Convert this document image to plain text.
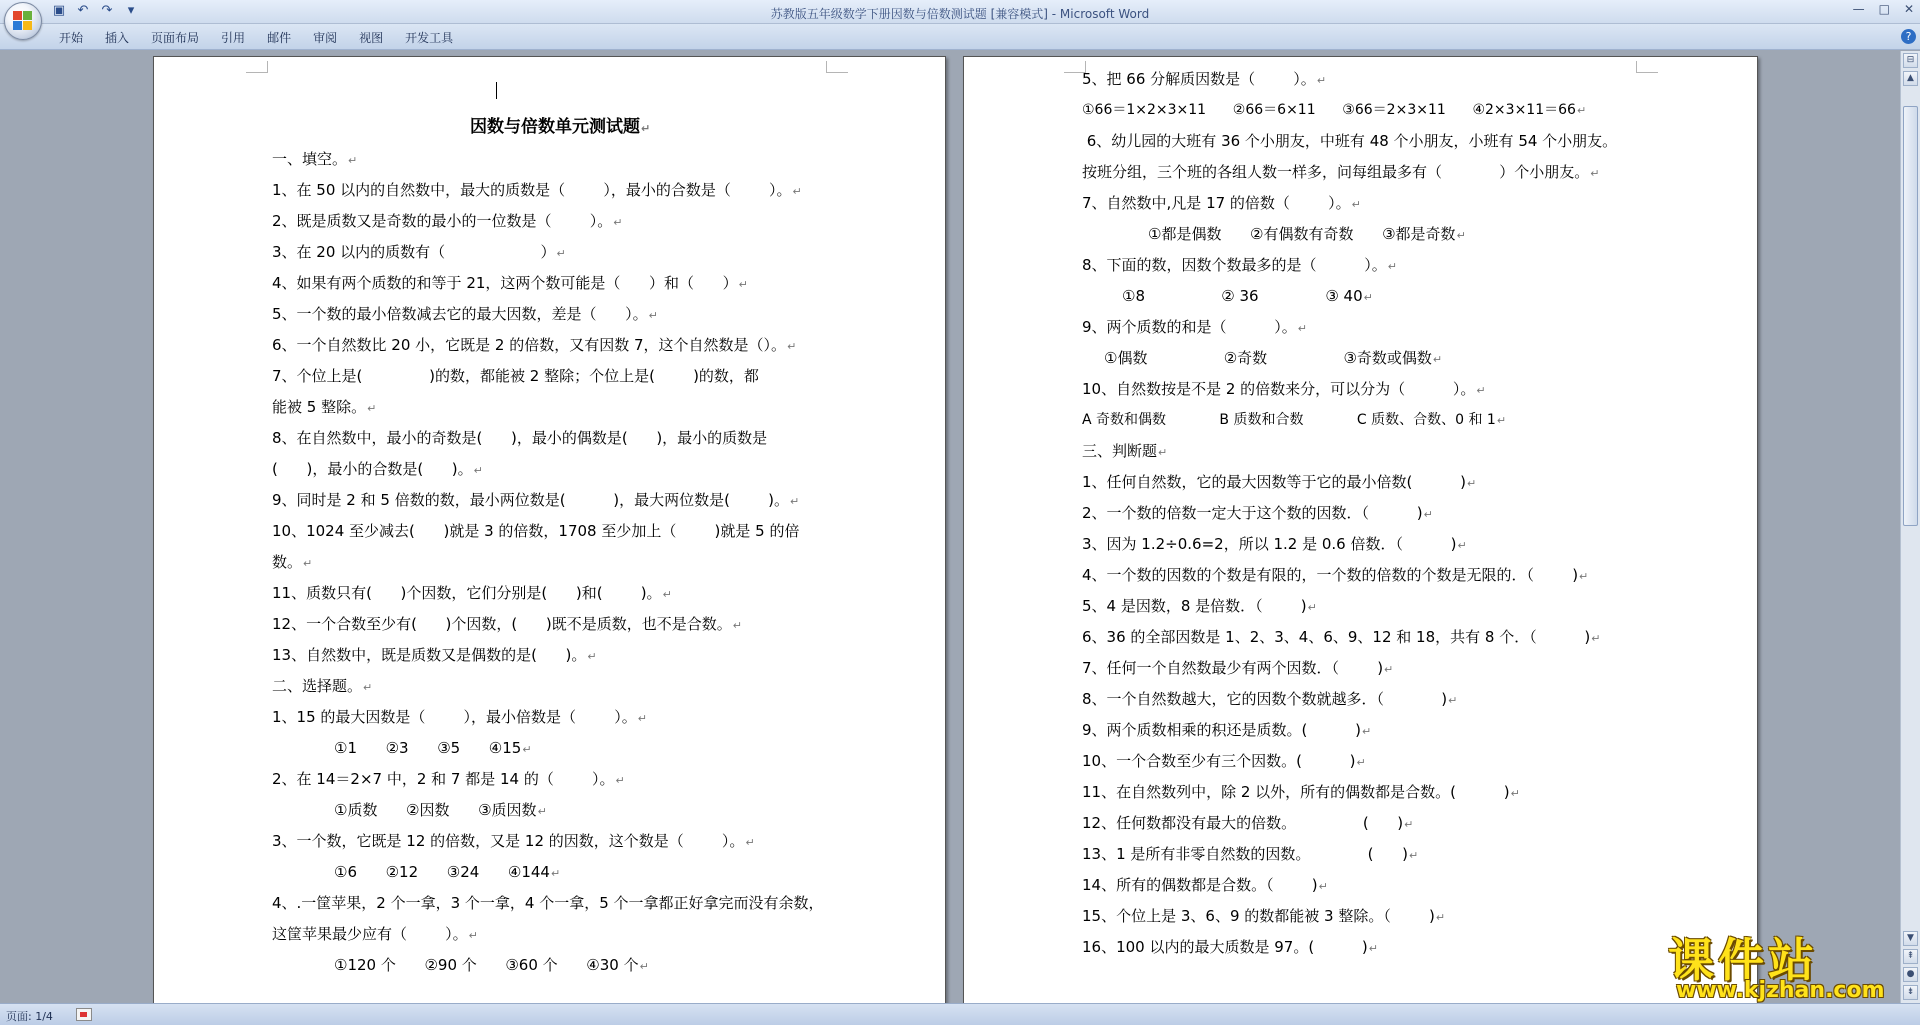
苏教版五年级数学下册因数与倍数测试题 [兼容模式] - Microsoft Word	— □ ✕
▣ ↶ ↷	▾
开始	插入	页面布局	引用	邮件	审阅	视图	开发工具	?
因数与倍数单元测试题↵
一、填空。↵
1、在 50 以内的自然数中，最大的质数是（        ），最小的合数是（        ）。↵
2、既是质数又是奇数的最小的一位数是（        ）。↵
3、在 20 以内的质数有（                    ）↵
4、如果有两个质数的和等于 21，这两个数可能是（      ）和（      ）↵
5、一个数的最小倍数减去它的最大因数，差是（      ）。↵
6、一个自然数比 20 小，它既是 2 的倍数，又有因数 7，这个自然数是（）。↵
7、个位上是(              )的数，都能被 2 整除；个位上是(        )的数，都
能被 5 整除。↵
8、在自然数中，最小的奇数是(      )，最小的偶数是(      )，最小的质数是
(      )，最小的合数是(      )。↵
9、同时是 2 和 5 倍数的数，最小两位数是(          )，最大两位数是(        )。↵
10、1024 至少减去(      )就是 3 的倍数，1708 至少加上（        )就是 5 的倍
数。↵
11、质数只有(      )个因数，它们分别是(      )和(        )。↵
12、一个合数至少有(      )个因数，(      )既不是质数，也不是合数。↵
13、自然数中，既是质数又是偶数的是(      )。↵
二、选择题。↵
1、15 的最大因数是（        ），最小倍数是（        ）。↵
①1      ②3      ③5      ④15↵
2、在 14＝2×7 中，2 和 7 都是 14 的（        ）。↵
①质数      ②因数      ③质因数↵
3、一个数，它既是 12 的倍数，又是 12 的因数，这个数是（        ）。↵
①6      ②12      ③24      ④144↵
4、.一筐苹果，2 个一拿，3 个一拿，4 个一拿，5 个一拿都正好拿完而没有余数，
这筐苹果最少应有（        ）。↵
①120 个      ②90 个      ③60 个      ④30 个↵
5、把 66 分解质因数是（        ）。↵
①66＝1×2×3×11      ②66＝6×11      ③66＝2×3×11      ④2×3×11＝66↵
6、幼儿园的大班有 36 个小朋友，中班有 48 个小朋友，小班有 54 个小朋友。
按班分组，三个班的各组人数一样多，问每组最多有（            ）个小朋友。↵
7、自然数中,凡是 17 的倍数（        ）。↵
①都是偶数      ②有偶数有奇数      ③都是奇数↵
8、下面的数，因数个数最多的是（          ）。↵
①8                ② 36              ③ 40↵
9、两个质数的和是（          ）。↵
①偶数                ②奇数                ③奇数或偶数↵
10、自然数按是不是 2 的倍数来分，可以分为（          ）。↵
A 奇数和偶数            B 质数和合数            C 质数、合数、0 和 1↵
三、判断题↵
1、任何自然数，它的最大因数等于它的最小倍数(          )↵
2、一个数的倍数一定大于这个数的因数．（          )↵
3、因为 1.2÷0.6=2，所以 1.2 是 0.6 倍数．（          )↵
4、一个数的因数的个数是有限的，一个数的倍数的个数是无限的．（        )↵
5、4 是因数，8 是倍数．（        )↵
6、36 的全部因数是 1、2、3、4、6、9、12 和 18，共有 8 个．（          )↵
7、任何一个自然数最少有两个因数．（        )↵
8、一个自然数越大，它的因数个数就越多．（            )↵
9、两个质数相乘的积还是质数。(          )↵
10、一个合数至少有三个因数。(          )↵
11、在自然数列中，除 2 以外，所有的偶数都是合数。(          )↵
12、任何数都没有最大的倍数。              (      )↵
13、1 是所有非零自然数的因数。            (      )↵
14、所有的偶数都是合数。（        )↵
15、个位上是 3、6、9 的数都能被 3 整除。（        )↵
16、100 以内的最大质数是 97。(          )↵
⊟
▲
▼
⇞
●
⇟
页面: 1/4
课件站
www.kjzhan.com
